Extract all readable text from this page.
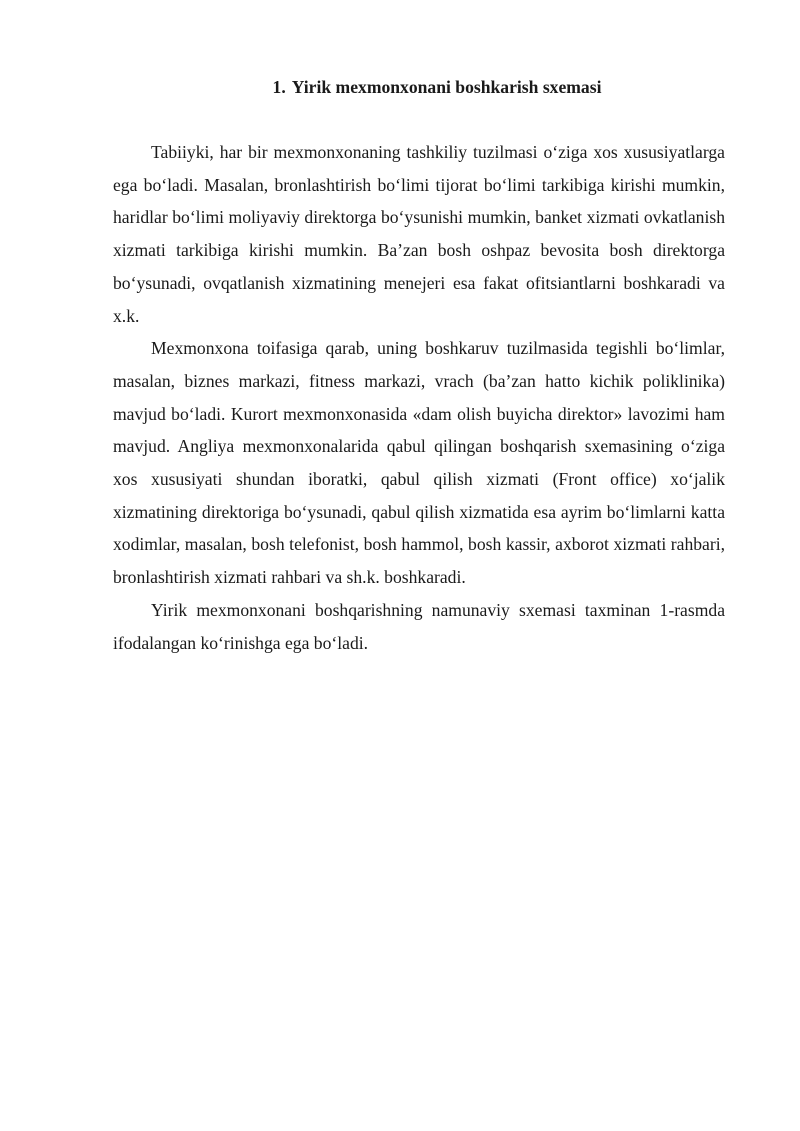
1. Yirik mexmonxonani boshkarish sxemasi

Tabiiyki, har bir mexmonxonaning tashkiliy tuzilmasi o‘ziga xos xususiyatlarga ega bo‘ladi. Masalan, bronlashtirish bo‘limi tijorat bo‘limi tarkibiga kirishi mumkin, haridlar bo‘limi moliyaviy direktorga bo‘ysunishi mumkin, banket xizmati ovkatlanish xizmati tarkibiga kirishi mumkin. Ba’zan bosh oshpaz bevosita bosh direktorga bo‘ysunadi, ovqatlanish xizmatining menejeri esa fakat ofitsiantlarni boshkaradi va x.k.

Mexmonxona toifasiga qarab, uning boshkaruv tuzilmasida tegishli bo‘limlar, masalan, biznes markazi, fitness markazi, vrach (ba’zan hatto kichik poliklinika) mavjud bo‘ladi. Kurort mexmonxonasida «dam olish buyicha direktor» lavozimi ham mavjud. Angliya mexmonxonalarida qabul qilingan boshqarish sxemasining o‘ziga xos xususiyati shundan iboratki, qabul qilish xizmati (Front office) xo‘jalik xizmatining direktoriga bo‘ysunadi, qabul qilish xizmatida esa ayrim bo‘limlarni katta xodimlar, masalan, bosh telefonist, bosh hammol, bosh kassir, axborot xizmati rahbari, bronlashtirish xizmati rahbari va sh.k. boshkaradi.

Yirik mexmonxonani boshqarishning namunaviy sxemasi taxminan 1-rasmda ifodalangan ko‘rinishga ega bo‘ladi.
